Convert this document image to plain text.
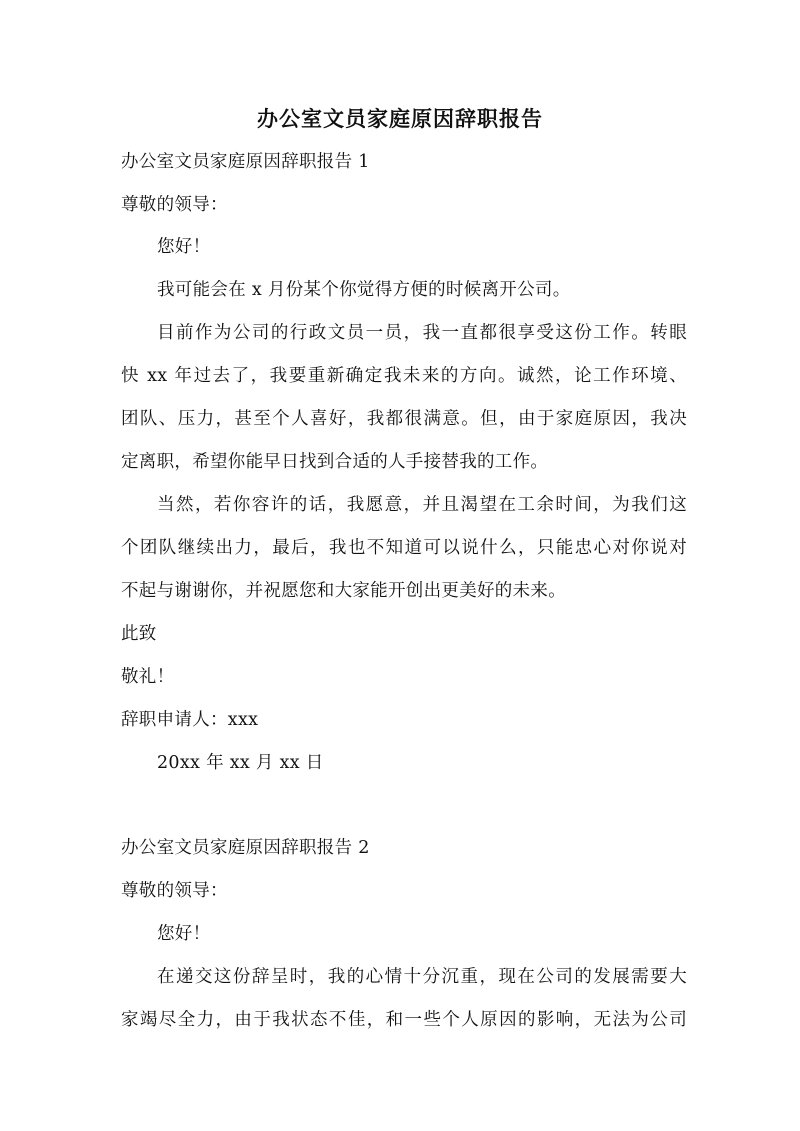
办公室文员家庭原因辞职报告
办公室文员家庭原因辞职报告 1
尊敬的领导：
您好！
我可能会在 x 月份某个你觉得方便的时候离开公司。
目前作为公司的行政文员一员，我一直都很享受这份工作。转眼
快 xx 年过去了，我要重新确定我未来的方向。诚然，论工作环境、
团队、压力，甚至个人喜好，我都很满意。但，由于家庭原因，我决
定离职，希望你能早日找到合适的人手接替我的工作。
当然，若你容许的话，我愿意，并且渴望在工余时间，为我们这
个团队继续出力，最后，我也不知道可以说什么，只能忠心对你说对
不起与谢谢你，并祝愿您和大家能开创出更美好的未来。
此致
敬礼！
辞职申请人：xxx
20xx 年 xx 月 xx 日
办公室文员家庭原因辞职报告 2
尊敬的领导：
您好！
在递交这份辞呈时，我的心情十分沉重，现在公司的发展需要大
家竭尽全力，由于我状态不佳，和一些个人原因的影响，无法为公司
